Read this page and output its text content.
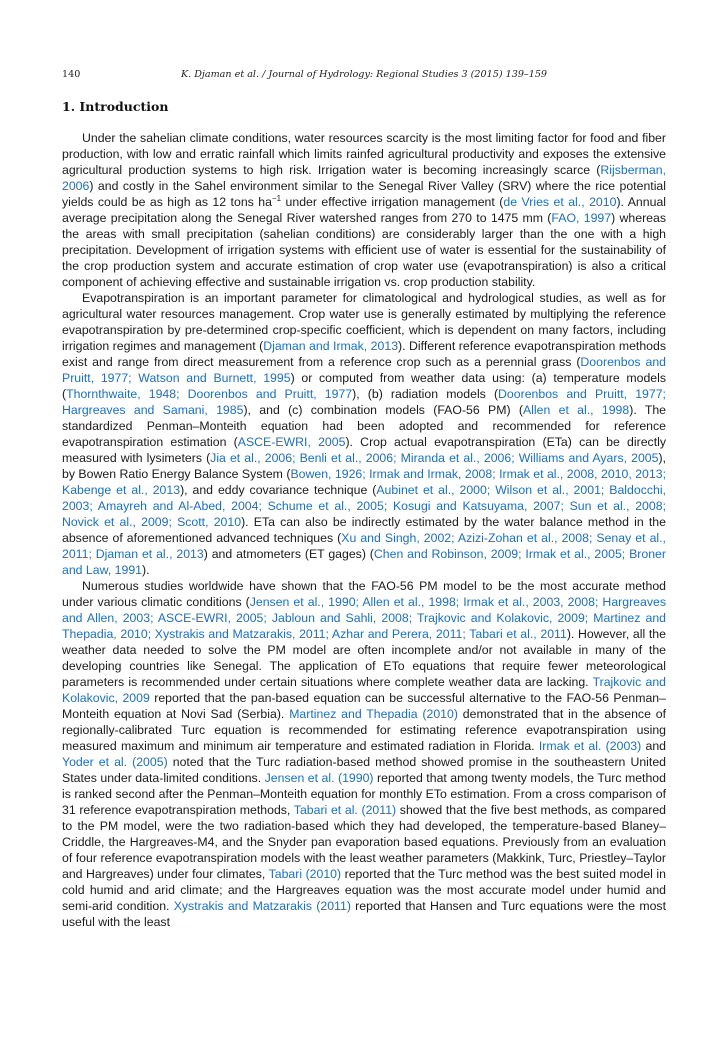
140	K. Djaman et al. / Journal of Hydrology: Regional Studies 3 (2015) 139–159
1. Introduction

Under the sahelian climate conditions, water resources scarcity is the most limiting factor for food and fiber production, with low and erratic rainfall which limits rainfed agricultural productivity and exposes the extensive agricultural production systems to high risk. Irrigation water is becoming increasingly scarce (Rijsberman, 2006) and costly in the Sahel environment similar to the Senegal River Valley (SRV) where the rice potential yields could be as high as 12 tons $ha^{-1}$ under effective irrigation management (de Vries et al., 2010). Annual average precipitation along the Senegal River watershed ranges from 270 to 1475 mm (FAO, 1997) whereas the areas with small precipitation (sahelian conditions) are considerably larger than the one with a high precipitation. Development of irrigation systems with efficient use of water is essential for the sustainability of the crop production system and accurate estimation of crop water use (evapotranspiration) is also a critical component of achieving effective and sustainable irrigation vs. crop production stability.

Evapotranspiration is an important parameter for climatological and hydrological studies, as well as for agricultural water resources management. Crop water use is generally estimated by multiplying the reference evapotranspiration by pre-determined crop-specific coefficient, which is dependent on many factors, including irrigation regimes and management (Djaman and Irmak, 2013). Different reference evapotranspiration methods exist and range from direct measurement from a reference crop such as a perennial grass (Doorenbos and Pruitt, 1977; Watson and Burnett, 1995) or computed from weather data using: (a) temperature models (Thornthwaite, 1948; Doorenbos and Pruitt, 1977), (b) radiation models (Doorenbos and Pruitt, 1977; Hargreaves and Samani, 1985), and (c) combination models (FAO-56 PM) (Allen et al., 1998). The standardized Penman–Monteith equation had been adopted and recommended for reference evapotranspiration estimation (ASCE-EWRI, 2005). Crop actual evapotranspiration (ETa) can be directly measured with lysimeters (Jia et al., 2006; Benli et al., 2006; Miranda et al., 2006; Williams and Ayars, 2005), by Bowen Ratio Energy Balance System (Bowen, 1926; Irmak and Irmak, 2008; Irmak et al., 2008, 2010, 2013; Kabenge et al., 2013), and eddy covariance technique (Aubinet et al., 2000; Wilson et al., 2001; Baldocchi, 2003; Amayreh and Al-Abed, 2004; Schume et al., 2005; Kosugi and Katsuyama, 2007; Sun et al., 2008; Novick et al., 2009; Scott, 2010). ETa can also be indirectly estimated by the water balance method in the absence of aforementioned advanced techniques (Xu and Singh, 2002; Azizi-Zohan et al., 2008; Senay et al., 2011; Djaman et al., 2013) and atmometers (ET gages) (Chen and Robinson, 2009; Irmak et al., 2005; Broner and Law, 1991).

Numerous studies worldwide have shown that the FAO-56 PM model to be the most accurate method under various climatic conditions (Jensen et al., 1990; Allen et al., 1998; Irmak et al., 2003, 2008; Hargreaves and Allen, 2003; ASCE-EWRI, 2005; Jabloun and Sahli, 2008; Trajkovic and Kolakovic, 2009; Martinez and Thepadia, 2010; Xystrakis and Matzarakis, 2011; Azhar and Perera, 2011; Tabari et al., 2011). However, all the weather data needed to solve the PM model are often incomplete and/or not available in many of the developing countries like Senegal. The application of ETo equations that require fewer meteorological parameters is recommended under certain situations where complete weather data are lacking. Trajkovic and Kolakovic, 2009 reported that the pan-based equation can be successful alternative to the FAO-56 Penman–Monteith equation at Novi Sad (Serbia). Martinez and Thepadia (2010) demonstrated that in the absence of regionally-calibrated Turc equation is recommended for estimating reference evapotranspiration using measured maximum and minimum air temperature and estimated radiation in Florida. Irmak et al. (2003) and Yoder et al. (2005) noted that the Turc radiation-based method showed promise in the southeastern United States under data-limited conditions. Jensen et al. (1990) reported that among twenty models, the Turc method is ranked second after the Penman–Monteith equation for monthly ETo estimation. From a cross comparison of 31 reference evapotranspiration methods, Tabari et al. (2011) showed that the five best methods, as compared to the PM model, were the two radiation-based which they had developed, the temperature-based Blaney–Criddle, the Hargreaves-M4, and the Snyder pan evaporation based equations. Previously from an evaluation of four reference evapotranspiration models with the least weather parameters (Makkink, Turc, Priestley–Taylor and Hargreaves) under four climates, Tabari (2010) reported that the Turc method was the best suited model in cold humid and arid climate; and the Hargreaves equation was the most accurate model under humid and semi-arid condition. Xystrakis and Matzarakis (2011) reported that Hansen and Turc equations were the most useful with the least
